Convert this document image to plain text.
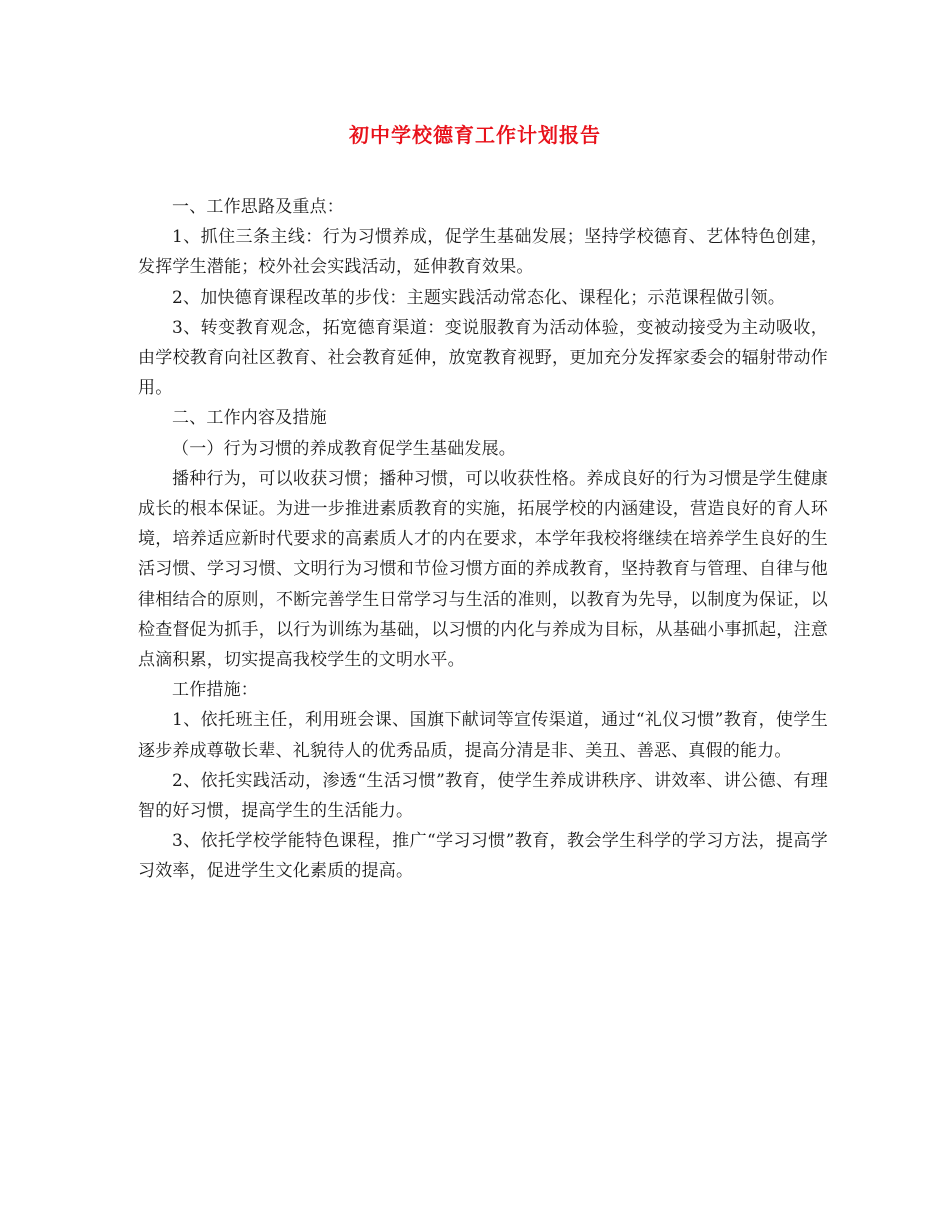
初中学校德育工作计划报告

一、工作思路及重点：

1、抓住三条主线：行为习惯养成，促学生基础发展；坚持学校德育、艺体特色创建，发挥学生潜能；校外社会实践活动，延伸教育效果。

2、加快德育课程改革的步伐：主题实践活动常态化、课程化；示范课程做引领。

3、转变教育观念，拓宽德育渠道：变说服教育为活动体验，变被动接受为主动吸收，由学校教育向社区教育、社会教育延伸，放宽教育视野，更加充分发挥家委会的辐射带动作用。

二、工作内容及措施

（一）行为习惯的养成教育促学生基础发展。

播种行为，可以收获习惯；播种习惯，可以收获性格。养成良好的行为习惯是学生健康成长的根本保证。为进一步推进素质教育的实施，拓展学校的内涵建设，营造良好的育人环境，培养适应新时代要求的高素质人才的内在要求，本学年我校将继续在培养学生良好的生活习惯、学习习惯、文明行为习惯和节俭习惯方面的养成教育，坚持教育与管理、自律与他律相结合的原则，不断完善学生日常学习与生活的准则，以教育为先导，以制度为保证，以检查督促为抓手，以行为训练为基础，以习惯的内化与养成为目标，从基础小事抓起，注意点滴积累，切实提高我校学生的文明水平。

工作措施：

1、依托班主任，利用班会课、国旗下献词等宣传渠道，通过“礼仪习惯”教育，使学生逐步养成尊敬长辈、礼貌待人的优秀品质，提高分清是非、美丑、善恶、真假的能力。

2、依托实践活动，渗透“生活习惯”教育，使学生养成讲秩序、讲效率、讲公德、有理智的好习惯，提高学生的生活能力。

3、依托学校学能特色课程，推广“学习习惯”教育，教会学生科学的学习方法，提高学习效率，促进学生文化素质的提高。
